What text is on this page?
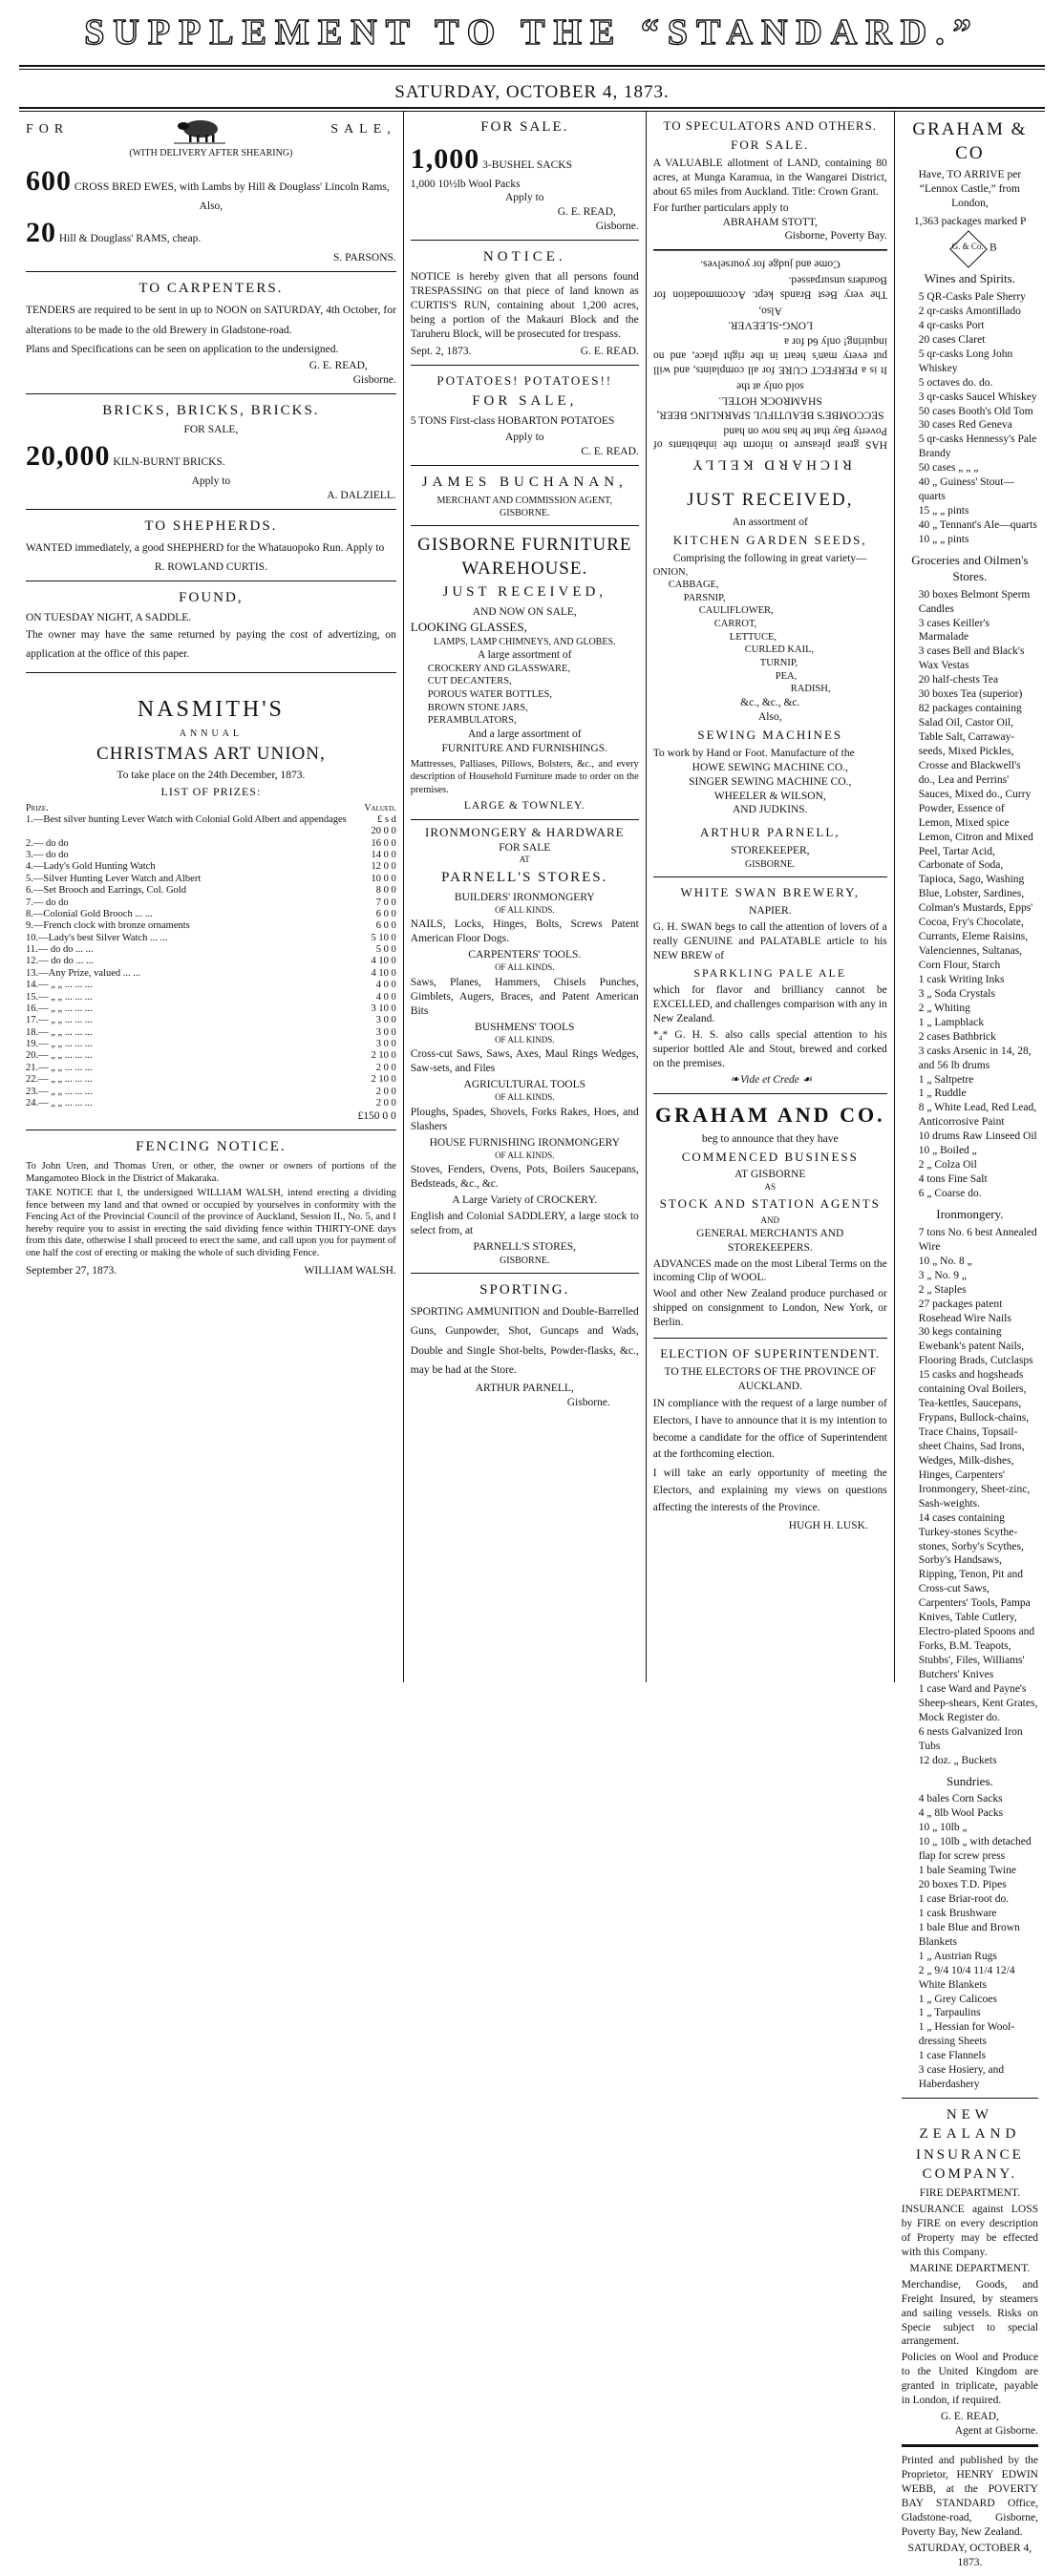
SUPPLEMENT TO THE “STANDARD.”
SATURDAY, OCTOBER 4, 1873.
FOR	SALE,
(WITH DELIVERY AFTER SHEARING)
600 CROSS BRED EWES, with Lambs by Hill & Douglass' Lincoln Rams,
Also,
20 Hill & Douglass' RAMS, cheap.
S. PARSONS.
TO CARPENTERS.

TENDERS are required to be sent in up to NOON on SATURDAY, 4th October, for alterations to be made to the old Brewery in Gladstone-road.

Plans and Specifications can be seen on application to the undersigned.

G. E. READ,
Gisborne.
BRICKS, BRICKS, BRICKS.
FOR SALE,
20,000 KILN-BURNT BRICKS.
Apply to
A. DALZIELL.
TO SHEPHERDS.

WANTED immediately, a good SHEPHERD for the Whatauopoko Run. Apply to

R. ROWLAND CURTIS.
FOUND,

ON TUESDAY NIGHT, A SADDLE.

The owner may have the same returned by paying the cost of advertizing, on application at the office of this paper.

NASMITH'S
ANNUAL
CHRISTMAS ART UNION,
To take place on the 24th December, 1873.
LIST OF PRIZES:
Prize.	Valued.
1.—Best silver hunting Lever Watch with Colonial Gold Albert and appendages	£ s d
20 0 0
2.— do do	16 0 0
3.— do do	14 0 0
4.—Lady's Gold Hunting Watch	12 0 0
5.—Silver Hunting Lever Watch and Albert	10 0 0
6.—Set Brooch and Earrings, Col. Gold	8 0 0
7.— do do	7 0 0
8.—Colonial Gold Brooch ... ...	6 0 0
9.—French clock with bronze ornaments	6 0 0
10.—Lady's best Silver Watch ... ...	5 10 0
11.— do do ... ...	5 0 0
12.— do do ... ...	4 10 0
13.—Any Prize, valued ... ...	4 10 0
14.— „ „ ... ... ...	4 0 0
15.— „ „ ... ... ...	4 0 0
16.— „ „ ... ... ...	3 10 0
17.— „ „ ... ... ...	3 0 0
18.— „ „ ... ... ...	3 0 0
19.— „ „ ... ... ...	3 0 0
20.— „ „ ... ... ...	2 10 0
21.— „ „ ... ... ...	2 0 0
22.— „ „ ... ... ...	2 10 0
23.— „ „ ... ... ...	2 0 0
24.— „ „ ... ... ...	2 0 0
£150 0 0
FENCING NOTICE.

To John Uren, and Thomas Uren, or other, the owner or owners of portions of the Mangamoteo Block in the District of Makaraka.

TAKE NOTICE that I, the undersigned WILLIAM WALSH, intend erecting a dividing fence between my land and that owned or occupied by yourselves in conformity with the Fencing Act of the Provincial Council of the province of Auckland, Session II., No. 5, and I hereby require you to assist in erecting the said dividing fence within THIRTY-ONE days from this date, otherwise I shall proceed to erect the same, and call upon you for payment of one half the cost of erecting or making the whole of such dividing Fence.

September 27, 1873.	WILLIAM WALSH.
FOR SALE.
1,000 3-BUSHEL SACKS
1,000 10½lb Wool Packs
Apply to
G. E. READ,
Gisborne.
NOTICE.

NOTICE is hereby given that all persons found TRESPASSING on that piece of land known as CURTIS'S RUN, containing about 1,200 acres, being a portion of the Makauri Block and the Taruheru Block, will be prosecuted for trespass.

Sept. 2, 1873.	G. E. READ.
POTATOES! POTATOES!!
FOR SALE,

5 TONS First-class HOBARTON POTATOES

Apply to
C. E. READ.
JAMES BUCHANAN,
MERCHANT AND COMMISSION AGENT,
GISBORNE.
GISBORNE FURNITURE WAREHOUSE.
JUST RECEIVED,
AND NOW ON SALE,
LOOKING GLASSES,
LAMPS, LAMP CHIMNEYS, AND GLOBES.
A large assortment of
CROCKERY AND GLASSWARE,
CUT DECANTERS,
POROUS WATER BOTTLES,
BROWN STONE JARS,
PERAMBULATORS,
And a large assortment of
FURNITURE AND FURNISHINGS.

Mattresses, Palliases, Pillows, Bolsters, &c., and every description of Household Furniture made to order on the premises.

LARGE & TOWNLEY.
IRONMONGERY & HARDWARE
FOR SALE
AT
PARNELL'S STORES.
BUILDERS' IRONMONGERY
OF ALL KINDS.

NAILS, Locks, Hinges, Bolts, Screws Patent American Floor Dogs.

CARPENTERS' TOOLS.
OF ALL KINDS.

Saws, Planes, Hammers, Chisels Punches, Gimblets, Augers, Braces, and Patent American Bits

BUSHMENS' TOOLS
OF ALL KINDS.

Cross-cut Saws, Saws, Axes, Maul Rings Wedges, Saw-sets, and Files

AGRICULTURAL TOOLS
OF ALL KINDS.

Ploughs, Spades, Shovels, Forks Rakes, Hoes, and Slashers

HOUSE FURNISHING IRONMONGERY
OF ALL KINDS.

Stoves, Fenders, Ovens, Pots, Boilers Saucepans, Bedsteads, &c., &c.

A Large Variety of CROCKERY.

English and Colonial SADDLERY, a large stock to select from, at

PARNELL'S STORES,
GISBORNE.
SPORTING.

SPORTING AMMUNITION and Double-Barrelled Guns, Gunpowder, Shot, Guncaps and Wads, Double and Single Shot-belts, Powder-flasks, &c., may be had at the Store.

ARTHUR PARNELL,
Gisborne.
TO SPECULATORS AND OTHERS.
FOR SALE.

A VALUABLE allotment of LAND, containing 80 acres, at Munga Karamua, in the Wangarei District, about 65 miles from Auckland. Title: Crown Grant.

For further particulars apply to
ABRAHAM STOTT,
Gisborne, Poverty Bay.
RICHARD KELLY

HAS great pleasure to inform the inhabitants of Poverty Bay that he has now on hand

SECCOMBE'S BEAUTIFUL SPARKLING BEER,
SHAMROCK HOTEL.
sold only at the

It is a PERFECT CURE for all complaints, and will put every man's heart in the right place, and no inquiring! only 6d for a

LONG-SLEEVER.
Also,

The very Best Brands kept. Accommodation for Boarders unsurpassed.

Come and judge for yourselves.
JUST RECEIVED,
An assortment of
KITCHEN GARDEN SEEDS,
Comprising the following in great variety—
ONION,
CABBAGE,
PARSNIP,
CAULIFLOWER,
CARROT,
LETTUCE,
CURLED KAIL,
TURNIP,
PEA,
RADISH,
&c., &c., &c.
Also,
SEWING MACHINES
To work by Hand or Foot. Manufacture of the
HOWE SEWING MACHINE CO.,
SINGER SEWING MACHINE CO.,
WHEELER & WILSON,
AND JUDKINS.
ARTHUR PARNELL,
STOREKEEPER,
GISBORNE.
WHITE SWAN BREWERY,
NAPIER.

G. H. SWAN begs to call the attention of lovers of a really GENUINE and PALATABLE article to his NEW BREW of

SPARKLING PALE ALE

which for flavor and brilliancy cannot be EXCELLED, and challenges comparison with any in New Zealand.

*₄* G. H. S. also calls special attention to his superior bottled Ale and Stout, brewed and corked on the premises.

❧ Vide et Crede ☙
GRAHAM AND CO.
beg to announce that they have
COMMENCED BUSINESS
AT GISBORNE
AS
STOCK AND STATION AGENTS
AND
GENERAL MERCHANTS AND STOREKEEPERS.

ADVANCES made on the most Liberal Terms on the incoming Clip of WOOL.

Wool and other New Zealand produce purchased or shipped on consignment to London, New York, or Berlin.

ELECTION OF SUPERINTENDENT.
TO THE ELECTORS OF THE PROVINCE OF AUCKLAND.

IN compliance with the request of a large number of Electors, I have to announce that it is my intention to become a candidate for the office of Superintendent at the forthcoming election.

I will take an early opportunity of meeting the Electors, and explaining my views on questions affecting the interests of the Province.

HUGH H. LUSK.
GRAHAM & CO
Have, TO ARRIVE per “Lennox Castle,” from London,
1,363 packages marked P
G. & Co. B
Wines and Spirits.
5 QR-Casks Pale Sherry
2 qr-casks Amontillado
4 qr-casks Port
20 cases Claret
5 qr-casks Long John Whiskey
5 octaves do. do.
3 qr-casks Saucel Whiskey
50 cases Booth's Old Tom
30 cases Red Geneva
5 qr-casks Hennessy's Pale Brandy
50 cases „ „ „
40 „ Guiness' Stout—quarts
15 „ „ pints
40 „ Tennant's Ale—quarts
10 „ „ pints
Groceries and Oilmen's Stores.
30 boxes Belmont Sperm Candles
3 cases Keiller's Marmalade
3 cases Bell and Black's Wax Vestas
20 half-chests Tea
30 boxes Tea (superior)
82 packages containing Salad Oil, Castor Oil, Table Salt, Carraway-seeds, Mixed Pickles, Crosse and Blackwell's do., Lea and Perrins' Sauces, Mixed do., Curry Powder, Essence of Lemon, Mixed spice Lemon, Citron and Mixed Peel, Tartar Acid, Carbonate of Soda, Tapioca, Sago, Washing Blue, Lobster, Sardines, Colman's Mustards, Epps' Cocoa, Fry's Chocolate, Currants, Eleme Raisins, Valenciennes, Sultanas, Corn Flour, Starch
1 cask Writing Inks
3 „ Soda Crystals
2 „ Whiting
1 „ Lampblack
2 cases Bathbrick
3 casks Arsenic in 14, 28, and 56 lb drums
1 „ Saltpetre
1 „ Ruddle
8 „ White Lead, Red Lead, Anticorrosive Paint
10 drums Raw Linseed Oil
10 „ Boiled „
2 „ Colza Oil
4 tons Fine Salt
6 „ Coarse do.
Ironmongery.
7 tons No. 6 best Annealed Wire
10 „ No. 8 „
3 „ No. 9 „
2 „ Staples
27 packages patent Rosehead Wire Nails
30 kegs containing Ewebank's patent Nails, Flooring Brads, Cutclasps
15 casks and hogsheads containing Oval Boilers, Tea-kettles, Saucepans, Frypans, Bullock-chains, Trace Chains, Topsail-sheet Chains, Sad Irons, Wedges, Milk-dishes, Hinges, Carpenters' Ironmongery, Sheet-zinc, Sash-weights.
14 cases containing Turkey-stones Scythe-stones, Sorby's Scythes, Sorby's Handsaws, Ripping, Tenon, Pit and Cross-cut Saws, Carpenters' Tools, Pampa Knives, Table Cutlery, Electro-plated Spoons and Forks, B.M. Teapots, Stubbs', Files, Williams' Butchers' Knives
1 case Ward and Payne's Sheep-shears, Kent Grates, Mock Register do.
6 nests Galvanized Iron Tubs
12 doz. „ Buckets
Sundries.
4 bales Corn Sacks
4 „ 8lb Wool Packs
10 „ 10lb „
10 „ 10lb „ with detached flap for screw press
1 bale Seaming Twine
20 boxes T.D. Pipes
1 case Briar-root do.
1 cask Brushware
1 bale Blue and Brown Blankets
1 „ Austrian Rugs
2 „ 9/4 10/4 11/4 12/4 White Blankets
1 „ Grey Calicoes
1 „ Tarpaulins
1 „ Hessian for Wool-dressing Sheets
1 case Flannels
3 case Hosiery, and Haberdashery
NEW ZEALAND
INSURANCE COMPANY.
FIRE DEPARTMENT.

INSURANCE against LOSS by FIRE on every description of Property may be effected with this Company.

MARINE DEPARTMENT.

Merchandise, Goods, and Freight Insured, by steamers and sailing vessels. Risks on Specie subject to special arrangement.

Policies on Wool and Produce to the United Kingdom are granted in triplicate, payable in London, if required.

G. E. READ,
Agent at Gisborne.

Printed and published by the Proprietor, HENRY EDWIN WEBB, at the POVERTY BAY STANDARD Office, Gladstone-road, Gisborne, Poverty Bay, New Zealand.

SATURDAY, OCTOBER 4, 1873.
